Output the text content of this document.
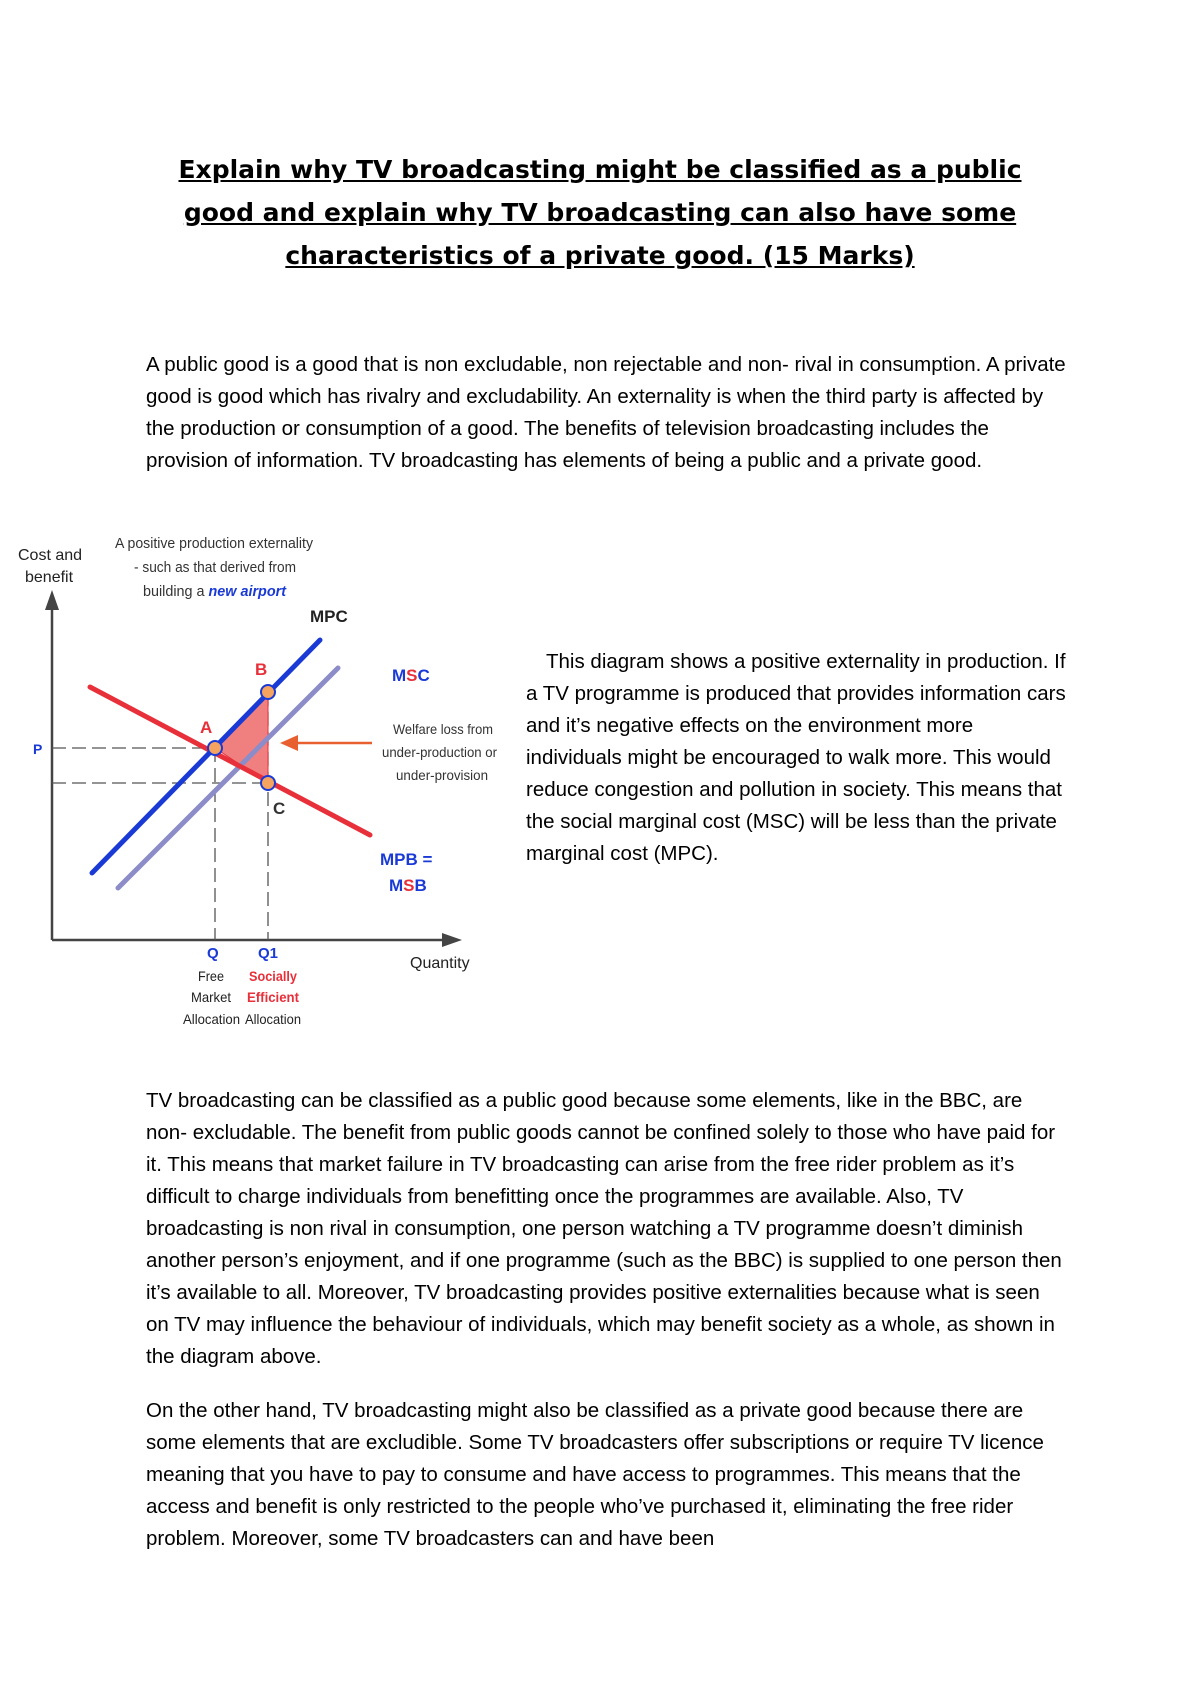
Explain why TV broadcasting might be classified as a public good and explain why TV broadcasting can also have some characteristics of a private good. (15 Marks)

A public good is a good that is non excludable, non rejectable and non- rival in consumption. A private good is good which has rivalry and excludability. An externality is when the third party is affected by the production or consumption of a good. The benefits of television broadcasting includes the provision of information. TV broadcasting has elements of being a public and a private good.

Cost and
benefit
Quantity
A positive production externality
- such as that derived from
building a new airport
A
B
C
P
MPC
MSC
MPB =
MSB
Welfare loss from
under-production or
under-provision
Q	Q1
Free
Market
Allocation
Socially
Efficient
Allocation

This diagram shows a positive externality in production. If a TV programme is produced that provides information cars and it’s negative effects on the environment more individuals might be encouraged to walk more. This would reduce congestion and pollution in society. This means that the social marginal cost (MSC) will be less than the private marginal cost (MPC).

TV broadcasting can be classified as a public good because some elements, like in the BBC, are non- excludable. The benefit from public goods cannot be confined solely to those who have paid for it. This means that market failure in TV broadcasting can arise from the free rider problem as it’s difficult to charge individuals from benefitting once the programmes are available. Also, TV broadcasting is non rival in consumption, one person watching a TV programme doesn’t diminish another person’s enjoyment, and if one programme (such as the BBC) is supplied to one person then it’s available to all. Moreover, TV broadcasting provides positive externalities because what is seen on TV may influence the behaviour of individuals, which may benefit society as a whole, as shown in the diagram above.

On the other hand, TV broadcasting might also be classified as a private good because there are some elements that are excludible. Some TV broadcasters offer subscriptions or require TV licence meaning that you have to pay to consume and have access to programmes. This means that the access and benefit is only restricted to the people who’ve purchased it, eliminating the free rider problem. Moreover, some TV broadcasters can and have been
